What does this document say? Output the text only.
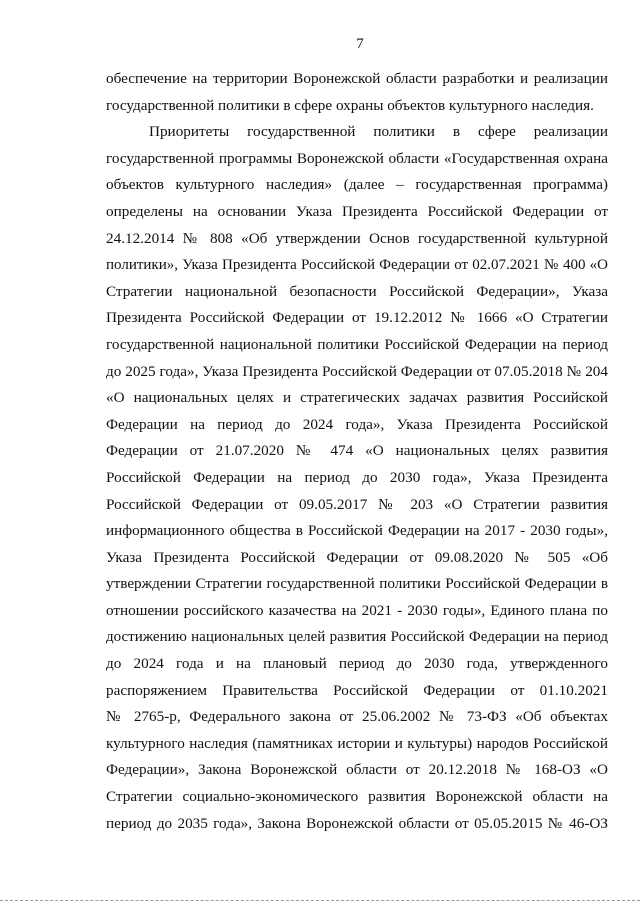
7
обеспечение на территории Воронежской области разработки и реализации
государственной политики в сфере охраны объектов культурного наследия.
Приоритеты государственной политики в сфере реализации
государственной программы Воронежской области «Государственная охрана
объектов культурного наследия» (далее – государственная программа)
определены на основании Указа Президента Российской Федерации от
24.12.2014 № 808 «Об утверждении Основ государственной культурной
политики», Указа Президента Российской Федерации от 02.07.2021 № 400 «О
Стратегии национальной безопасности Российской Федерации», Указа
Президента Российской Федерации от 19.12.2012 № 1666 «О Стратегии
государственной национальной политики Российской Федерации на период
до 2025 года», Указа Президента Российской Федерации от 07.05.2018 № 204
«О национальных целях и стратегических задачах развития Российской
Федерации на период до 2024 года», Указа Президента Российской
Федерации от 21.07.2020 № 474 «О национальных целях развития
Российской Федерации на период до 2030 года», Указа Президента
Российской Федерации от 09.05.2017 № 203 «О Стратегии развития
информационного общества в Российской Федерации на 2017 - 2030 годы»,
Указа Президента Российской Федерации от 09.08.2020 № 505 «Об
утверждении Стратегии государственной политики Российской Федерации в
отношении российского казачества на 2021 - 2030 годы», Единого плана по
достижению национальных целей развития Российской Федерации на период
до 2024 года и на плановый период до 2030 года, утвержденного
распоряжением Правительства Российской Федерации от 01.10.2021
№ 2765-р, Федерального закона от 25.06.2002 № 73-ФЗ «Об объектах
культурного наследия (памятниках истории и культуры) народов Российской
Федерации», Закона Воронежской области от 20.12.2018 № 168-ОЗ «О
Стратегии социально-экономического развития Воронежской области на
период до 2035 года», Закона Воронежской области от 05.05.2015 № 46-ОЗ
